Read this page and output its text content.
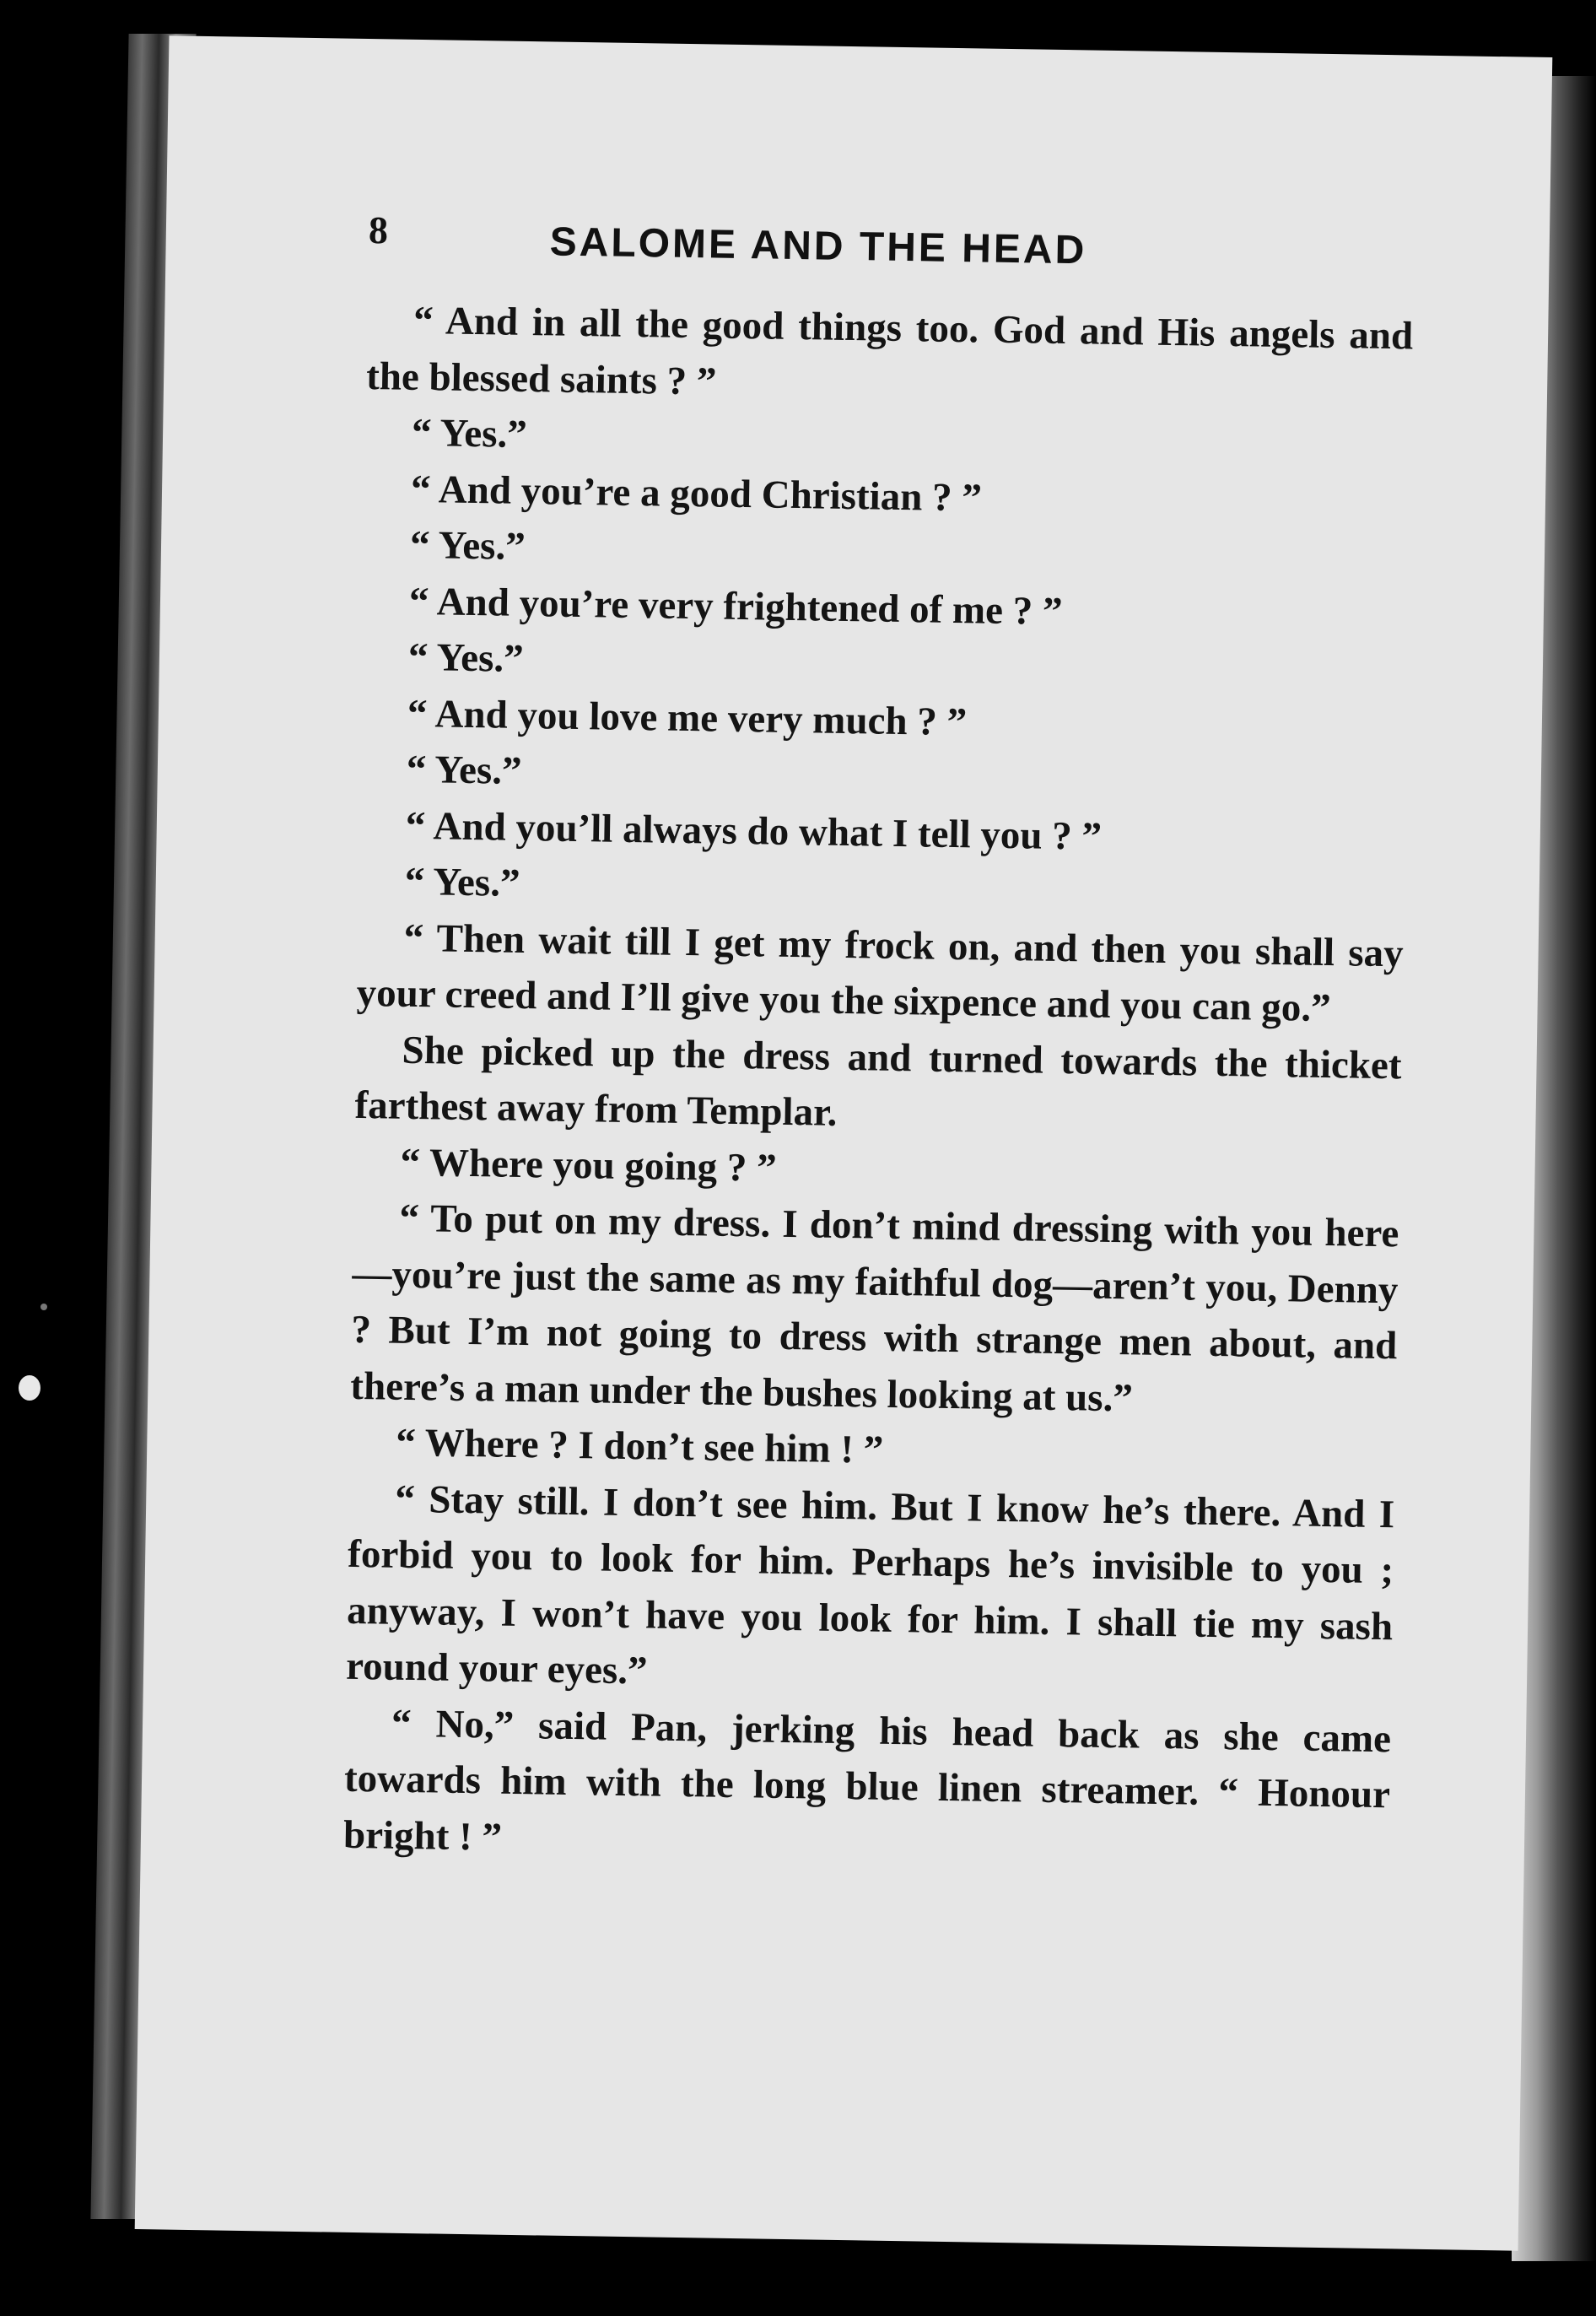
8	SALOME AND THE HEAD

“ And in all the good things too. God and His angels and the blessed saints ? ”

“ Yes.”

“ And you’re a good Christian ? ”

“ Yes.”

“ And you’re very frightened of me ? ”

“ Yes.”

“ And you love me very much ? ”

“ Yes.”

“ And you’ll always do what I tell you ? ”

“ Yes.”

“ Then wait till I get my frock on, and then you shall say your creed and I’ll give you the sixpence and you can go.”

She picked up the dress and turned towards the thicket farthest away from Templar.

“ Where you going ? ”

“ To put on my dress. I don’t mind dressing with you here—you’re just the same as my faithful dog—aren’t you, Denny ? But I’m not going to dress with strange men about, and there’s a man under the bushes looking at us.”

“ Where ? I don’t see him ! ”

“ Stay still. I don’t see him. But I know he’s there. And I forbid you to look for him. Perhaps he’s invisible to you ; anyway, I won’t have you look for him. I shall tie my sash round your eyes.”

“ No,” said Pan, jerking his head back as she came towards him with the long blue linen streamer. “ Honour bright ! ”
